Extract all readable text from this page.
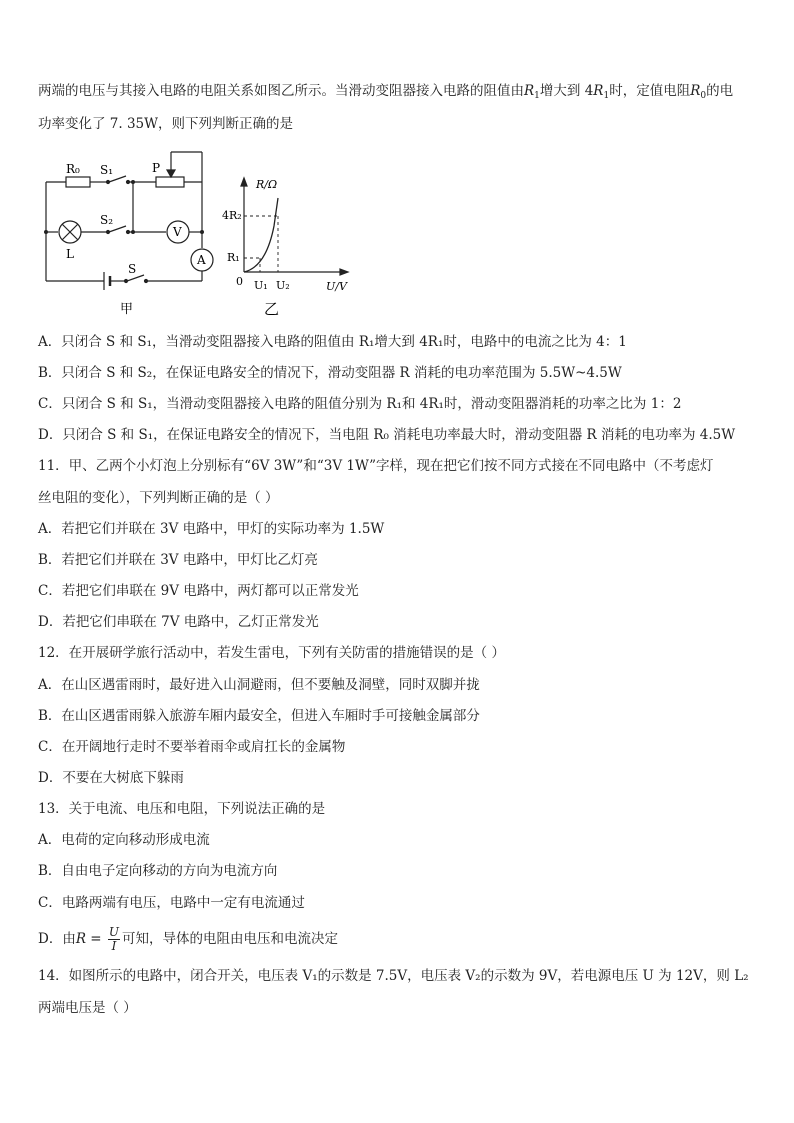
两端的电压与其接入电路的电阻关系如图乙所示。当滑动变阻器接入电路的阻值由$R_1$增大到 $4R_1$时，定值电阻$R_0$的电
功率变化了 7. 35W，则下列判断正确的是
R₀ S₁	P
S₂
L
V
A
S
甲
R/Ω
4R₂
R₁
0 U₁ U₂	U/V
乙
A．只闭合 S 和 S₁，当滑动变阻器接入电路的阻值由 R₁增大到 4R₁时，电路中的电流之比为 4：1
B．只闭合 S 和 S₂，在保证电路安全的情况下，滑动变阻器 R 消耗的电功率范围为 5.5W~4.5W
C．只闭合 S 和 S₁，当滑动变阻器接入电路的阻值分别为 R₁和 4R₁时，滑动变阻器消耗的功率之比为 1：2
D．只闭合 S 和 S₁，在保证电路安全的情况下，当电阻 R₀ 消耗电功率最大时，滑动变阻器 R 消耗的电功率为 4.5W
11．甲、乙两个小灯泡上分别标有“6V 3W”和“3V 1W”字样，现在把它们按不同方式接在不同电路中（不考虑灯
丝电阻的变化），下列判断正确的是（ ）
A．若把它们并联在 3V 电路中，甲灯的实际功率为 1.5W
B．若把它们并联在 3V 电路中，甲灯比乙灯亮
C．若把它们串联在 9V 电路中，两灯都可以正常发光
D．若把它们串联在 7V 电路中，乙灯正常发光
12．在开展研学旅行活动中，若发生雷电，下列有关防雷的措施错误的是（ ）
A．在山区遇雷雨时，最好进入山洞避雨，但不要触及洞壁，同时双脚并拢
B．在山区遇雷雨躲入旅游车厢内最安全，但进入车厢时手可接触金属部分
C．在开阔地行走时不要举着雨伞或肩扛长的金属物
D．不要在大树底下躲雨
13．关于电流、电压和电阻，下列说法正确的是
A．电荷的定向移动形成电流
B．自由电子定向移动的方向为电流方向
C．电路两端有电压，电路中一定有电流通过
D．由$R = \frac{U}{I}$ 可知，导体的电阻由电压和电流决定
14．如图所示的电路中，闭合开关，电压表 V₁的示数是 7.5V，电压表 V₂的示数为 9V，若电源电压 U 为 12V，则 L₂
两端电压是（ ）
